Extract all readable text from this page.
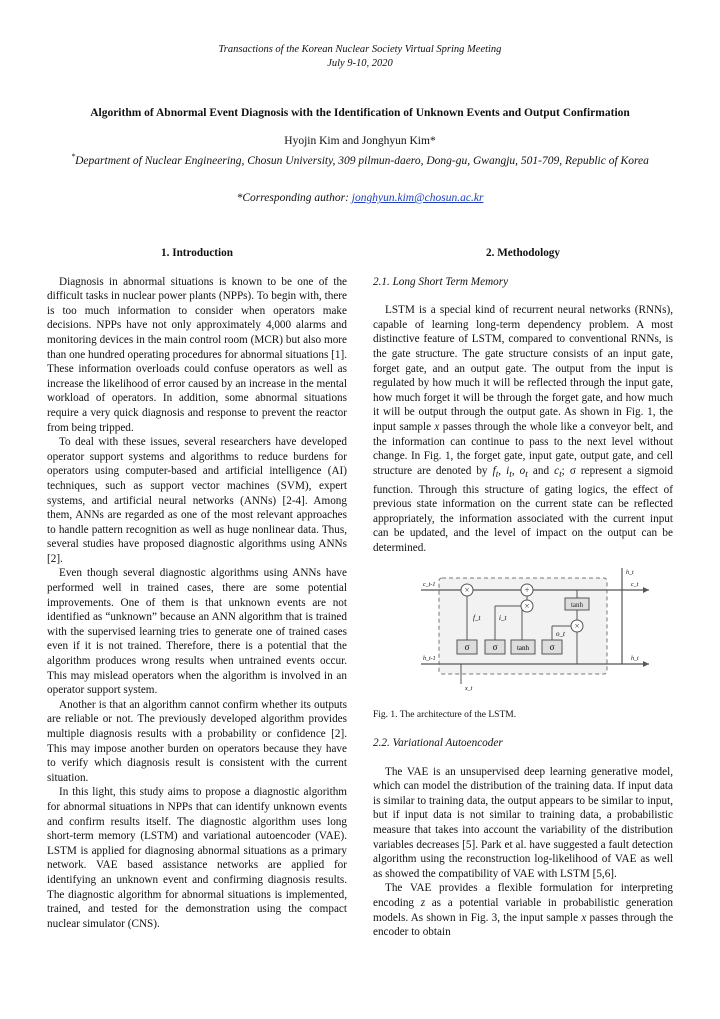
Transactions of the Korean Nuclear Society Virtual Spring Meeting
July 9-10, 2020
Algorithm of Abnormal Event Diagnosis with the Identification of Unknown Events and Output Confirmation
Hyojin Kim and Jonghyun Kim*
*Department of Nuclear Engineering, Chosun University, 309 pilmun-daero, Dong-gu, Gwangju, 501-709, Republic of Korea
*Corresponding author: jonghyun.kim@chosun.ac.kr
1. Introduction

Diagnosis in abnormal situations is known to be one of the difficult tasks in nuclear power plants (NPPs). To begin with, there is too much information to consider when operators make decisions. NPPs have not only approximately 4,000 alarms and monitoring devices in the main control room (MCR) but also more than one hundred operating procedures for abnormal situations [1]. These information overloads could confuse operators as well as increase the likelihood of error caused by an increase in the mental workload of operators. In addition, some abnormal situations require a very quick diagnosis and response to prevent the reactor from being tripped.

To deal with these issues, several researchers have developed operator support systems and algorithms to reduce burdens for operators using computer-based and artificial intelligence (AI) techniques, such as support vector machines (SVM), expert systems, and artificial neural networks (ANNs) [2-4]. Among them, ANNs are regarded as one of the most relevant approaches to handle pattern recognition as well as huge nonlinear data. Thus, several studies have proposed diagnostic algorithms using ANNs [2].

Even though several diagnostic algorithms using ANNs have performed well in trained cases, there are some potential improvements. One of them is that unknown events are not identified as “unknown” because an ANN algorithm that is trained with the supervised learning tries to generate one of trained cases even if it is not trained. Therefore, there is a potential that the algorithm produces wrong results when untrained events occur. This may mislead operators when the algorithm is involved in an operator support system.

Another is that an algorithm cannot confirm whether its outputs are reliable or not. The previously developed algorithm provides multiple diagnosis results with a probability or confidence [2]. This may impose another burden on operators because they have to verify which diagnosis result is consistent with the current situation.

In this light, this study aims to propose a diagnostic algorithm for abnormal situations in NPPs that can identify unknown events and confirm results itself. The diagnostic algorithm uses long short-term memory (LSTM) and variational autoencoder (VAE). LSTM is applied for diagnosing abnormal situations as a primary network. VAE based assistance networks are applied for identifying an unknown event and confirming diagnosis results. The diagnostic algorithm for abnormal situations is implemented, trained, and tested for the demonstration using the compact nuclear simulator (CNS).

2. Methodology
2.1. Long Short Term Memory

LSTM is a special kind of recurrent neural networks (RNNs), capable of learning long-term dependency problem. A most distinctive feature of LSTM, compared to conventional RNNs, is the gate structure. The gate structure consists of an input gate, forget gate, and an output gate. The output from the input is regulated by how much it will be reflected through the input gate, how much forget it will be through the forget gate, and how much it will be output through the output gate. As shown in Fig. 1, the input sample x passes through the whole like a conveyor belt, and the information can continue to pass to the next level without change. In Fig. 1, the forget gate, input gate, output gate, and cell structure are denoted by $f_t$, $i_t$, $o_t$ and $c_t$; σ represent a sigmoid function. Through this structure of gating logics, the effect of previous state information on the current state can be reflected appropriately, the information associated with the current input can be updated, and the level of impact on the output can be determined.

×	+
×
×
tanh
σ	σ	tanh σ
f_t	i_t
o_t
c_t-1	c_t
h_t
h_t-1	h_t
x_t
Fig. 1. The architecture of the LSTM.
2.2. Variational Autoencoder

The VAE is an unsupervised deep learning generative model, which can model the distribution of the training data. If input data is similar to training data, the output appears to be similar to input, but if input data is not similar to training data, a probabilistic measure that takes into account the variability of the distribution variables decreases [5]. Park et al. have suggested a fault detection algorithm using the reconstruction log-likelihood of VAE as well as showed the compatibility of VAE with LSTM [5,6].

The VAE provides a flexible formulation for interpreting encoding z as a potential variable in probabilistic generation models. As shown in Fig. 3, the input sample x passes through the encoder to obtain
